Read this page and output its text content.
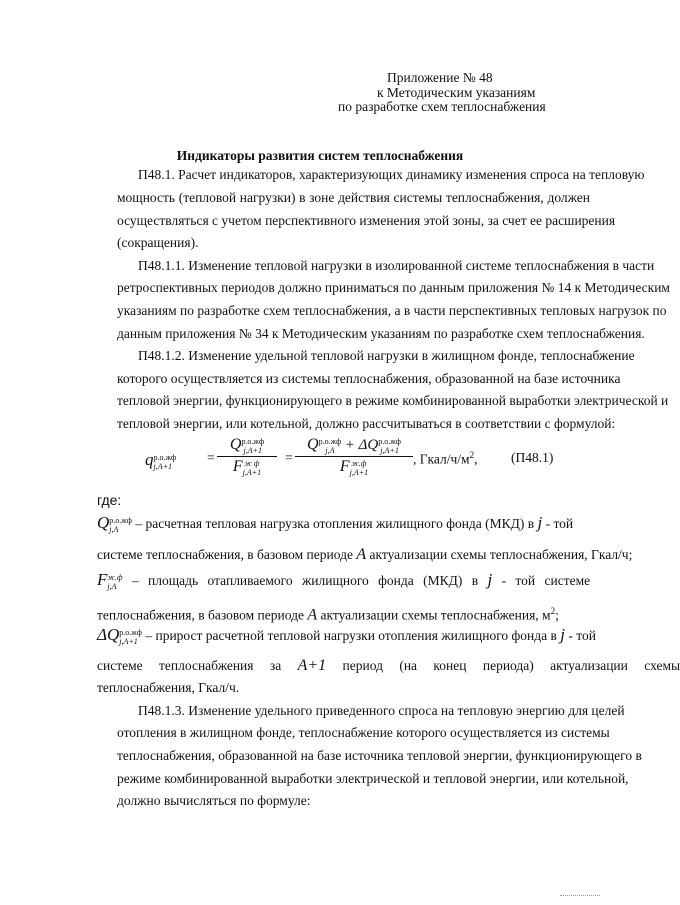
Приложение № 48
к Методическим указаниям
по разработке схем теплоснабжения
Индикаторы развития систем теплоснабжения
П48.1. Расчет индикаторов, характеризующих динамику изменения спроса на тепловую
мощность (тепловой нагрузки) в зоне действия системы теплоснабжения, должен
осуществляться с учетом перспективного изменения этой зоны, за счет ее расширения
(сокращения).
П48.1.1. Изменение тепловой нагрузки в изолированной системе теплоснабжения в части
ретроспективных периодов должно приниматься по данным приложения № 14 к Методическим
указаниям по разработке схем теплоснабжения, а в части перспективных тепловых нагрузок по
данным приложения № 34 к Методическим указаниям по разработке схем теплоснабжения.
П48.1.2. Изменение удельной тепловой нагрузки в жилищном фонде, теплоснабжение
которого осуществляется из системы теплоснабжения, образованной на базе источника
тепловой энергии, функционирующего в режиме комбинированной выработки электрической и
тепловой энергии, или котельной, должно рассчитываться в соответствии с формулой:
q р.о.жф
j,A+1
=
Q р.о.жф
j,A+1
F ж ф
j,A+1
=
Q р.о.жф
j,A + ΔQ р.о.жф
j,A+1
F ж.ф
j,A+1
, Гкал/$ч/м^2$, (П48.1)
где:
Q р.о.жф
j,A	– расчетная тепловая нагрузка отопления жилищного фонда (МКД) в j - той
системе теплоснабжения, в базовом периоде A актуализации схемы теплоснабжения, Гкал/ч;
F ж.ф
j,A	– площадь отапливаемого жилищного фонда (МКД) в j - той системе
теплоснабжения, в базовом периоде A актуализации схемы теплоснабжения, $м^2$;
ΔQ р.о.жф
j,A+1 – прирост расчетной тепловой нагрузки отопления жилищного фонда в j - той
системе теплоснабжения за A+1 период (на конец периода) актуализации схемы
теплоснабжения, Гкал/ч.
П48.1.3. Изменение удельного приведенного спроса на тепловую энергию для целей
отопления в жилищном фонде, теплоснабжение которого осуществляется из системы
теплоснабжения, образованной на базе источника тепловой энергии, функционирующего в
режиме комбинированной выработки электрической и тепловой энергии, или котельной,
должно вычисляться по формуле:
